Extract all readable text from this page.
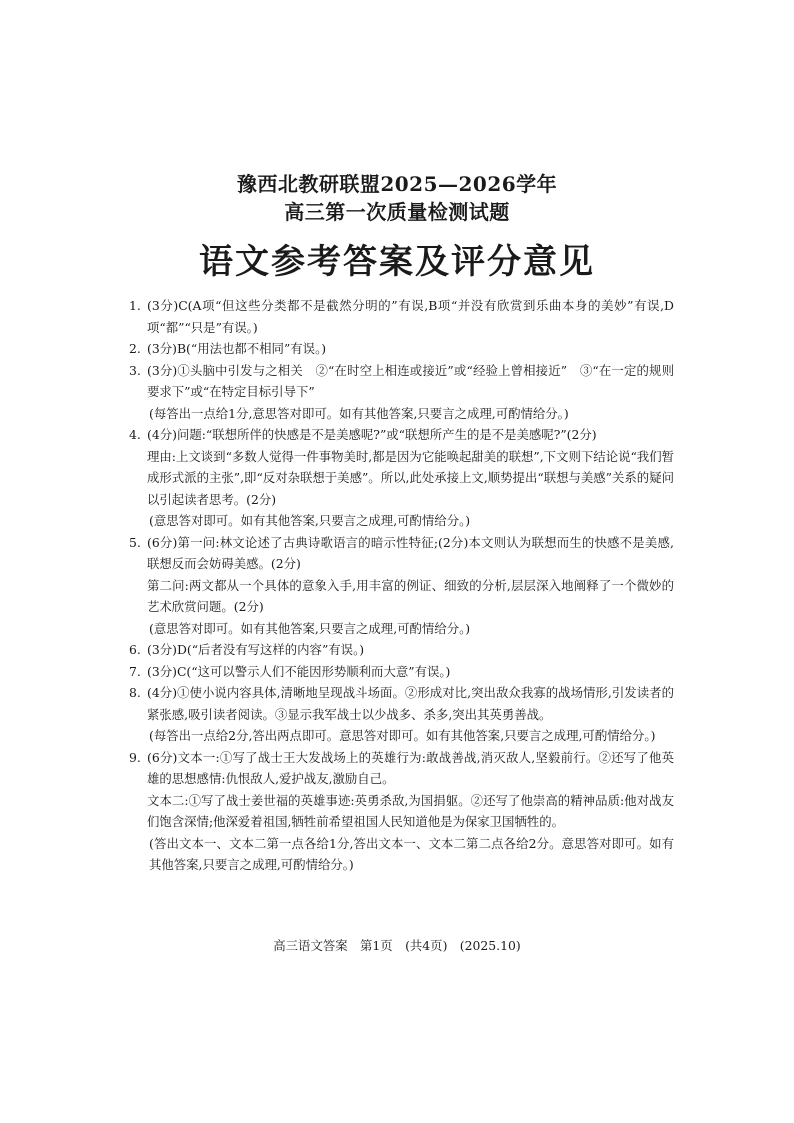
豫西北教研联盟2025—2026学年
高三第一次质量检测试题
语文参考答案及评分意见
1. (3分)C(A项“但这些分类都不是截然分明的”有误,B项“并没有欣赏到乐曲本身的美妙”有误,D项“都”“只是”有误。)
2. (3分)B(“用法也都不相同”有误。)
3. (3分)①头脑中引发与之相关　②“在时空上相连或接近”或“经验上曾相接近”　③“在一定的规则要求下”或“在特定目标引导下”
(每答出一点给1分,意思答对即可。如有其他答案,只要言之成理,可酌情给分。)
4. (4分)问题:“联想所伴的快感是不是美感呢?”或“联想所产生的是不是美感呢?”(2分)
理由:上文谈到“多数人觉得一件事物美时,都是因为它能唤起甜美的联想”,下文则下结论说“我们暂成形式派的主张”,即“反对杂联想于美感”。所以,此处承接上文,顺势提出“联想与美感”关系的疑问以引起读者思考。(2分)
(意思答对即可。如有其他答案,只要言之成理,可酌情给分。)
5. (6分)第一问:林文论述了古典诗歌语言的暗示性特征;(2分)本文则认为联想而生的快感不是美感,联想反而会妨碍美感。(2分)
第二问:两文都从一个具体的意象入手,用丰富的例证、细致的分析,层层深入地阐释了一个微妙的艺术欣赏问题。(2分)
(意思答对即可。如有其他答案,只要言之成理,可酌情给分。)
6. (3分)D(“后者没有写这样的内容”有误。)
7. (3分)C(“这可以警示人们不能因形势顺利而大意”有误。)
8. (4分)①使小说内容具体,清晰地呈现战斗场面。②形成对比,突出敌众我寡的战场情形,引发读者的紧张感,吸引读者阅读。③显示我军战士以少战多、杀多,突出其英勇善战。
(每答出一点给2分,答出两点即可。意思答对即可。如有其他答案,只要言之成理,可酌情给分。)
9. (6分)文本一:①写了战士王大发战场上的英雄行为:敢战善战,消灭敌人,坚毅前行。②还写了他英雄的思想感情:仇恨敌人,爱护战友,激励自己。
文本二:①写了战士姜世福的英雄事迹:英勇杀敌,为国捐躯。②还写了他崇高的精神品质:他对战友们饱含深情;他深爱着祖国,牺牲前希望祖国人民知道他是为保家卫国牺牲的。
(答出文本一、文本二第一点各给1分,答出文本一、文本二第二点各给2分。意思答对即可。如有其他答案,只要言之成理,可酌情给分。)
高三语文答案　第1页　(共4页)　(2025.10)
